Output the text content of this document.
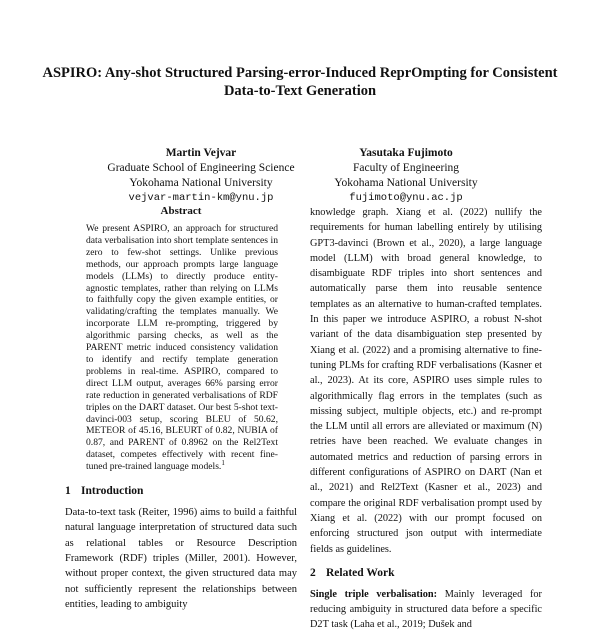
ASPIRO: Any-shot Structured Parsing-error-Induced ReprOmpting for Consistent Data-to-Text Generation
Martin Vejvar
Graduate School of Engineering Science
Yokohama National University
vejvar-martin-km@ynu.jp
Yasutaka Fujimoto
Faculty of Engineering
Yokohama National University
fujimoto@ynu.ac.jp
Abstract

We present ASPIRO, an approach for structured data verbalisation into short template sentences in zero to few-shot settings. Unlike previous methods, our approach prompts large language models (LLMs) to directly produce entity-agnostic templates, rather than relying on LLMs to faithfully copy the given example entities, or validating/crafting the templates manually. We incorporate LLM re-prompting, triggered by algorithmic parsing checks, as well as the PARENT metric induced consistency validation to identify and rectify template generation problems in real-time. ASPIRO, compared to direct LLM output, averages 66% parsing error rate reduction in generated verbalisations of RDF triples on the DART dataset. Our best 5-shot text-davinci-003 setup, scoring BLEU of 50.62, METEOR of 45.16, BLEURT of 0.82, NUBIA of 0.87, and PARENT of 0.8962 on the Rel2Text dataset, competes effectively with recent fine-tuned pre-trained language models.$^1$

1 Introduction

Data-to-text task (Reiter, 1996) aims to build a faithful natural language interpretation of structured data such as relational tables or Resource Description Framework (RDF) triples (Miller, 2001). However, without proper context, the given structured data may not sufficiently represent the relationships between entities, leading to ambiguity

knowledge graph. Xiang et al. (2022) nullify the requirements for human labelling entirely by utilising GPT3-davinci (Brown et al., 2020), a large language model (LLM) with broad general knowledge, to disambiguate RDF triples into short sentences and automatically parse them into reusable sentence templates as an alternative to human-crafted templates. In this paper we introduce ASPIRO, a robust N-shot variant of the data disambiguation step presented by Xiang et al. (2022) and a promising alternative to fine-tuning PLMs for crafting RDF verbalisations (Kasner et al., 2023). At its core, ASPIRO uses simple rules to algorithmically flag errors in the templates (such as missing subject, multiple objects, etc.) and re-prompt the LLM until all errors are alleviated or maximum (N) retries have been reached. We evaluate changes in automated metrics and reduction of parsing errors in different configurations of ASPIRO on DART (Nan et al., 2021) and Rel2Text (Kasner et al., 2023) and compare the original RDF verbalisation prompt used by Xiang et al. (2022) with our prompt focused on enforcing structured json output with intermediate fields as guidelines.

2 Related Work

Single triple verbalisation: Mainly leveraged for reducing ambiguity in structured data before a specific D2T task (Laha et al., 2019; Dušek and
